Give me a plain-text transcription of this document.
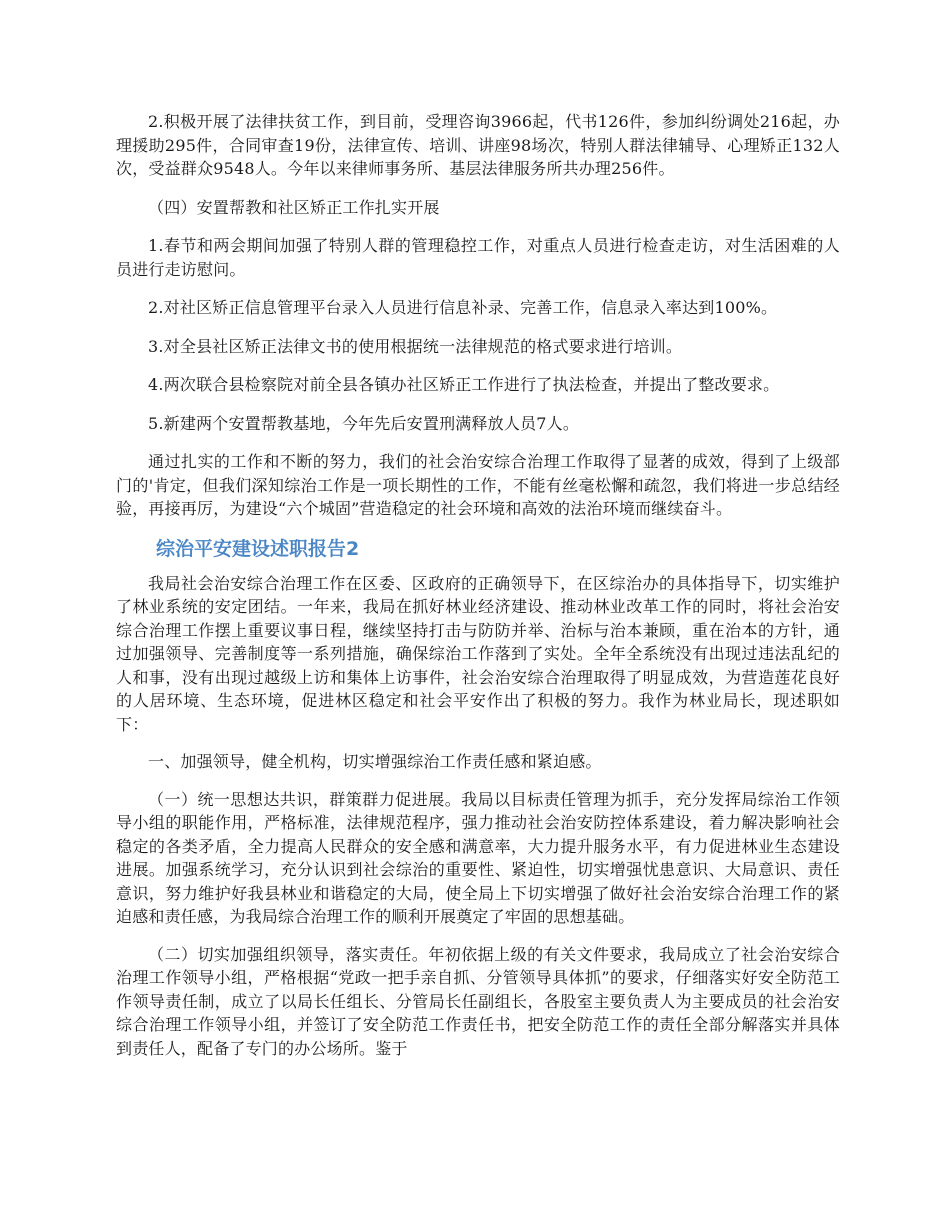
2.积极开展了法律扶贫工作，到目前，受理咨询3966起，代书126件，参加纠纷调处216起，办理援助295件，合同审查19份，法律宣传、培训、讲座98场次，特别人群法律辅导、心理矫正132人次，受益群众9548人。今年以来律师事务所、基层法律服务所共办理256件。

（四）安置帮教和社区矫正工作扎实开展

1.春节和两会期间加强了特别人群的管理稳控工作，对重点人员进行检查走访，对生活困难的人员进行走访慰问。

2.对社区矫正信息管理平台录入人员进行信息补录、完善工作，信息录入率达到100%。

3.对全县社区矫正法律文书的使用根据统一法律规范的格式要求进行培训。

4.两次联合县检察院对前全县各镇办社区矫正工作进行了执法检查，并提出了整改要求。

5.新建两个安置帮教基地，今年先后安置刑满释放人员7人。

通过扎实的工作和不断的努力，我们的社会治安综合治理工作取得了显著的成效，得到了上级部门的'肯定，但我们深知综治工作是一项长期性的工作，不能有丝毫松懈和疏忽，我们将进一步总结经验，再接再厉，为建设“六个城固”营造稳定的社会环境和高效的法治环境而继续奋斗。

综治平安建设述职报告2

我局社会治安综合治理工作在区委、区政府的正确领导下，在区综治办的具体指导下，切实维护了林业系统的安定团结。一年来，我局在抓好林业经济建设、推动林业改革工作的同时，将社会治安综合治理工作摆上重要议事日程，继续坚持打击与防防并举、治标与治本兼顾，重在治本的方针，通过加强领导、完善制度等一系列措施，确保综治工作落到了实处。全年全系统没有出现过违法乱纪的人和事，没有出现过越级上访和集体上访事件，社会治安综合治理取得了明显成效，为营造莲花良好的人居环境、生态环境，促进林区稳定和社会平安作出了积极的努力。我作为林业局长，现述职如下：

一、加强领导，健全机构，切实增强综治工作责任感和紧迫感。

（一）统一思想达共识，群策群力促进展。我局以目标责任管理为抓手，充分发挥局综治工作领导小组的职能作用，严格标准，法律规范程序，强力推动社会治安防控体系建设，着力解决影响社会稳定的各类矛盾，全力提高人民群众的安全感和满意率，大力提升服务水平，有力促进林业生态建设进展。加强系统学习，充分认识到社会综治的重要性、紧迫性，切实增强忧患意识、大局意识、责任意识，努力维护好我县林业和谐稳定的大局，使全局上下切实增强了做好社会治安综合治理工作的紧迫感和责任感，为我局综合治理工作的顺利开展奠定了牢固的思想基础。

（二）切实加强组织领导，落实责任。年初依据上级的有关文件要求，我局成立了社会治安综合治理工作领导小组，严格根据“党政一把手亲自抓、分管领导具体抓”的要求，仔细落实好安全防范工作领导责任制，成立了以局长任组长、分管局长任副组长，各股室主要负责人为主要成员的社会治安综合治理工作领导小组，并签订了安全防范工作责任书，把安全防范工作的责任全部分解落实并具体到责任人，配备了专门的办公场所。鉴于
